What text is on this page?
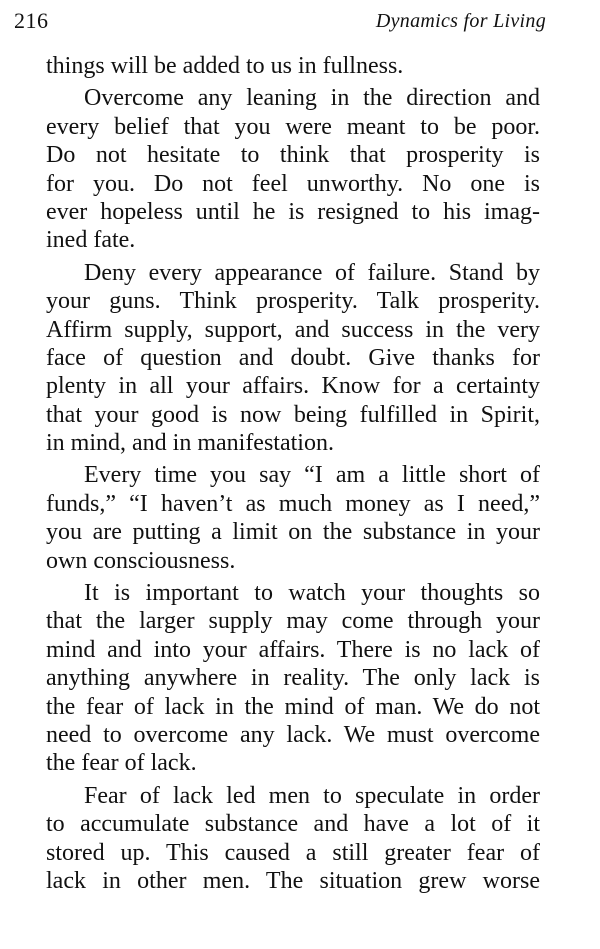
216	Dynamics for Living
things will be added to us in fullness.
Overcome any leaning in the direction and
every belief that you were meant to be poor.
Do not hesitate to think that prosperity is
for you. Do not feel unworthy. No one is
ever hopeless until he is resigned to his imag-
ined fate.
Deny every appearance of failure. Stand by
your guns. Think prosperity. Talk prosperity.
Affirm supply, support, and success in the very
face of question and doubt. Give thanks for
plenty in all your affairs. Know for a certainty
that your good is now being fulfilled in Spirit,
in mind, and in manifestation.
Every time you say “I am a little short of
funds,” “I haven’t as much money as I need,”
you are putting a limit on the substance in your
own consciousness.
It is important to watch your thoughts so
that the larger supply may come through your
mind and into your affairs. There is no lack of
anything anywhere in reality. The only lack is
the fear of lack in the mind of man. We do not
need to overcome any lack. We must overcome
the fear of lack.
Fear of lack led men to speculate in order
to accumulate substance and have a lot of it
stored up. This caused a still greater fear of
lack in other men. The situation grew worse
